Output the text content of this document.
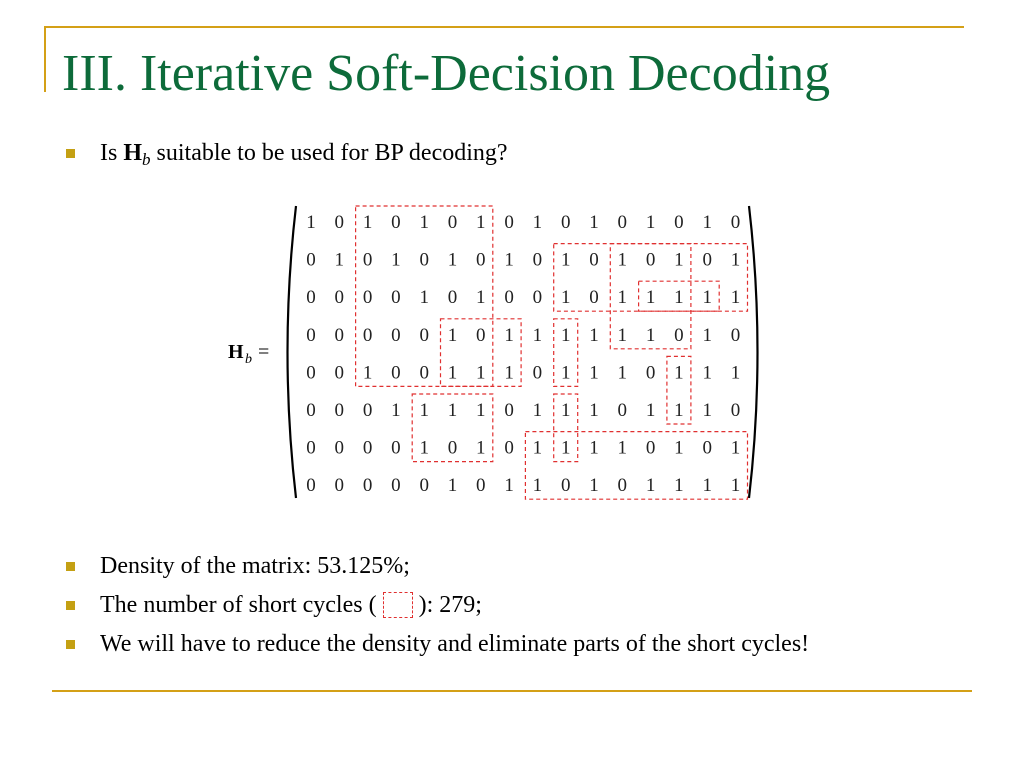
III. Iterative Soft-Decision Decoding
Is $H_b$ suitable to be used for BP decoding?
H b =
1 0 1 0 1 0 1 0 1 0 1 0 1 0 1 0
0 1 0 1 0 1 0 1 0 1 0 1 0 1 0 1
0 0 0 0 1 0 1 0 0 1 0 1 1 1 1 1
0 0 0 0 0 1 0 1 1 1 1 1 1 0 1 0
0 0 1 0 0 1 1 1 0 1 1 1 0 1 1 1
0 0 0 1 1 1 1 0 1 1 1 0 1 1 1 0
0 0 0 0 1 0 1 0 1 1 1 1 0 1 0 1
0 0 0 0 0 1 0 1 1 0 1 0 1 1 1 1
Density of the matrix: 53.125%;
The number of short cycles ( ): 279;
We will have to reduce the density and eliminate parts of the short cycles!
